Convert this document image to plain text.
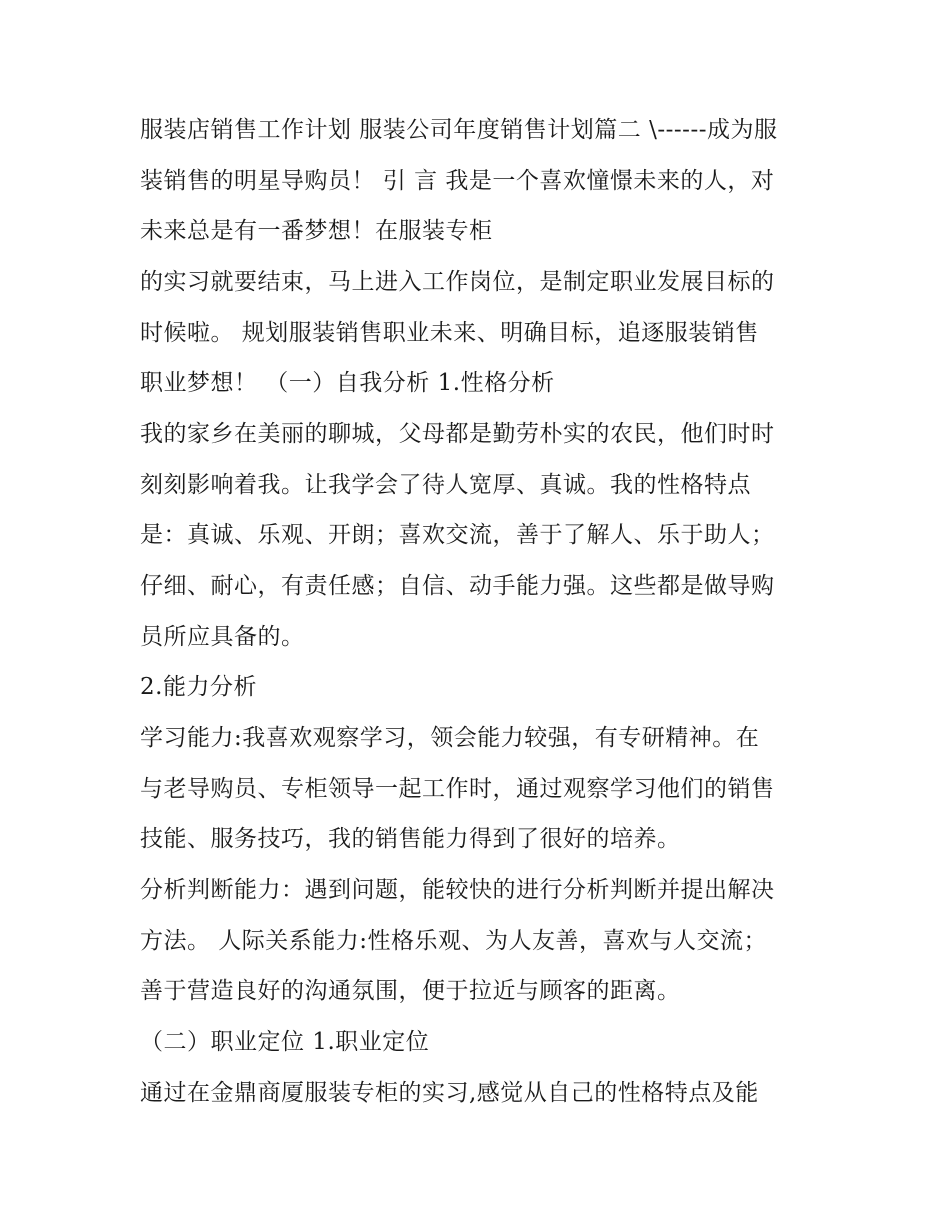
服装店销售工作计划 服装公司年度销售计划篇二 \------成为服
装销售的明星导购员！ 引 言 我是一个喜欢憧憬未来的人，对
未来总是有一番梦想！在服装专柜
的实习就要结束，马上进入工作岗位，是制定职业发展目标的
时候啦。 规划服装销售职业未来、明确目标，追逐服装销售
职业梦想！ （一）自我分析 1.性格分析
我的家乡在美丽的聊城，父母都是勤劳朴实的农民，他们时时
刻刻影响着我。让我学会了待人宽厚、真诚。我的性格特点
是：真诚、乐观、开朗；喜欢交流，善于了解人、乐于助人；
仔细、耐心，有责任感；自信、动手能力强。这些都是做导购
员所应具备的。
2.能力分析
学习能力:我喜欢观察学习，领会能力较强，有专研精神。在
与老导购员、专柜领导一起工作时，通过观察学习他们的销售
技能、服务技巧，我的销售能力得到了很好的培养。
分析判断能力：遇到问题，能较快的进行分析判断并提出解决
方法。 人际关系能力:性格乐观、为人友善，喜欢与人交流；
善于营造良好的沟通氛围，便于拉近与顾客的距离。
（二）职业定位 1.职业定位
通过在金鼎商厦服装专柜的实习,感觉从自己的性格特点及能
